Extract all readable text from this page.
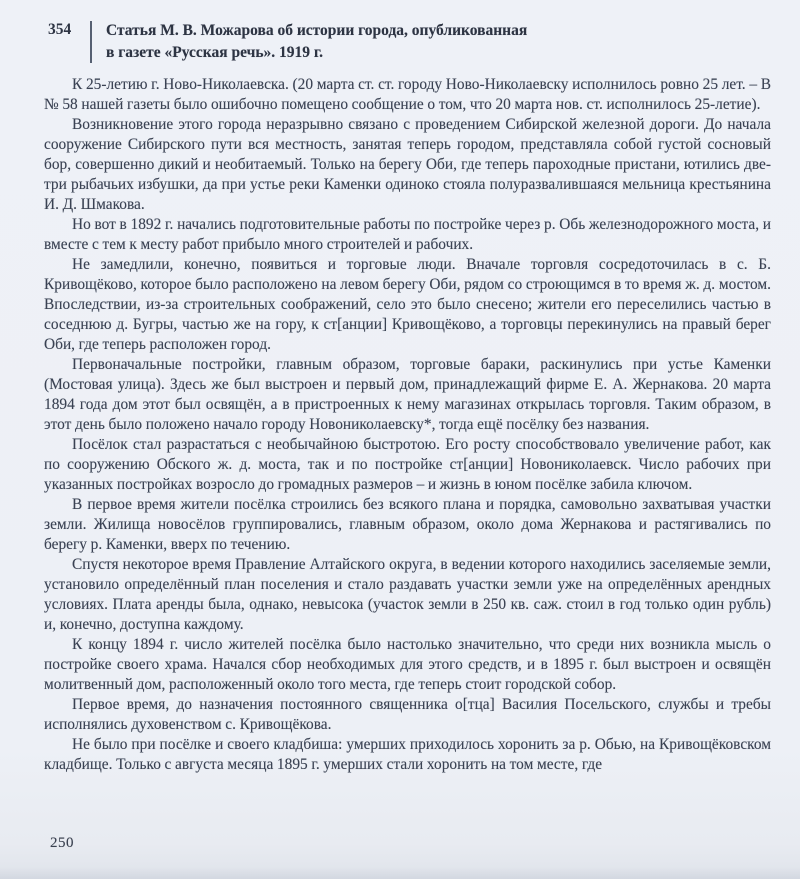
354	Статья М. В. Можарова об истории города, опубликованная
в газете «Русская речь». 1919 г.

К 25-летию г. Ново-Николаевска. (20 марта ст. ст. городу Ново-Николаевску исполнилось ровно 25 лет. – В № 58 нашей газеты было ошибочно помещено сообщение о том, что 20 марта нов. ст. исполнилось 25-летие).

Возникновение этого города неразрывно связано с проведением Сибирской железной дороги. До начала сооружение Сибирского пути вся местность, занятая теперь городом, представляла собой густой сосновый бор, совершенно дикий и необитаемый. Только на берегу Оби, где теперь пароходные пристани, ютились две-три рыбачьих избушки, да при устье реки Каменки одиноко стояла полуразвалившаяся мельница крестьянина И. Д. Шмакова.

Но вот в 1892 г. начались подготовительные работы по постройке через р. Обь железнодорожного моста, и вместе с тем к месту работ прибыло много строителей и рабочих.

Не замедлили, конечно, появиться и торговые люди. Вначале торговля сосредоточилась в с. Б. Кривощёково, которое было расположено на левом берегу Оби, рядом со строющимся в то время ж. д. мостом. Впоследствии, из-за строительных соображений, село это было снесено; жители его переселились частью в соседнюю д. Бугры, частью же на гору, к ст[анции] Кривощёково, а торговцы перекинулись на правый берег Оби, где теперь расположен город.

Первоначальные постройки, главным образом, торговые бараки, раскинулись при устье Каменки (Мостовая улица). Здесь же был выстроен и первый дом, принадлежащий фирме Е. А. Жернакова. 20 марта 1894 года дом этот был освящён, а в пристроенных к нему магазинах открылась торговля. Таким образом, в этот день было положено начало городу Новониколаевску*, тогда ещё посёлку без названия.

Посёлок стал разрастаться с необычайною быстротою. Его росту способствовало увеличение работ, как по сооружению Обского ж. д. моста, так и по постройке ст[анции] Новониколаевск. Число рабочих при указанных постройках возросло до громадных размеров – и жизнь в юном посёлке забила ключом.

В первое время жители посёлка строились без всякого плана и порядка, самовольно захватывая участки земли. Жилища новосёлов группировались, главным образом, около дома Жернакова и растягивались по берегу р. Каменки, вверх по течению.

Спустя некоторое время Правление Алтайского округа, в ведении которого находились заселяемые земли, установило определённый план поселения и стало раздавать участки земли уже на определённых арендных условиях. Плата аренды была, однако, невысока (участок земли в 250 кв. саж. стоил в год только один рубль) и, конечно, доступна каждому.

К концу 1894 г. число жителей посёлка было настолько значительно, что среди них возникла мысль о постройке своего храма. Начался сбор необходимых для этого средств, и в 1895 г. был выстроен и освящён молитвенный дом, расположенный около того места, где теперь стоит городской собор.

Первое время, до назначения постоянного священника о[тца] Василия Посельского, службы и требы исполнялись духовенством с. Кривощёкова.

Не было при посёлке и своего кладбиша: умерших приходилось хоронить за р. Обью, на Кривощёковском кладбище. Только с августа месяца 1895 г. умерших стали хоронить на том месте, где

250
